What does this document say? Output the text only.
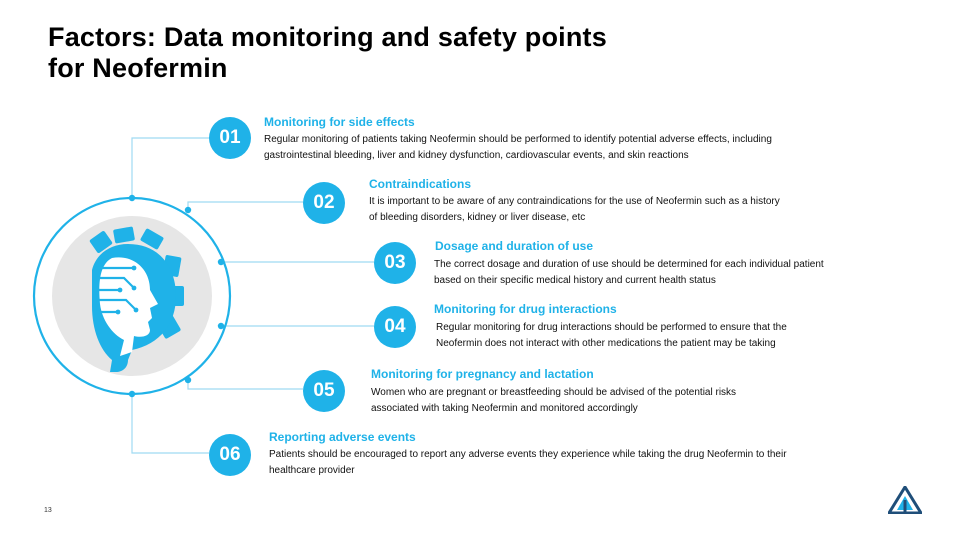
Factors: Data monitoring and safety points
for Neofermin
01
Monitoring for side effects
Regular monitoring of patients taking Neofermin should be performed to identify potential adverse effects, including
gastrointestinal bleeding, liver and kidney dysfunction, cardiovascular events, and skin reactions
02
Contraindications
It is important to be aware of any contraindications for the use of Neofermin such as a history
of bleeding disorders, kidney or liver disease, etc
03
Dosage and duration of use
The correct dosage and duration of use should be determined for each individual patient
based on their specific medical history and current health status
04
Monitoring for drug interactions
Regular monitoring for drug interactions should be performed to ensure that the
Neofermin does not interact with other medications the patient may be taking
05
Monitoring for pregnancy and lactation
Women who are pregnant or breastfeeding should be advised of the potential risks
associated with taking Neofermin and monitored accordingly
06
Reporting adverse events
Patients should be encouraged to report any adverse events they experience while taking the drug Neofermin to their
healthcare provider
13
